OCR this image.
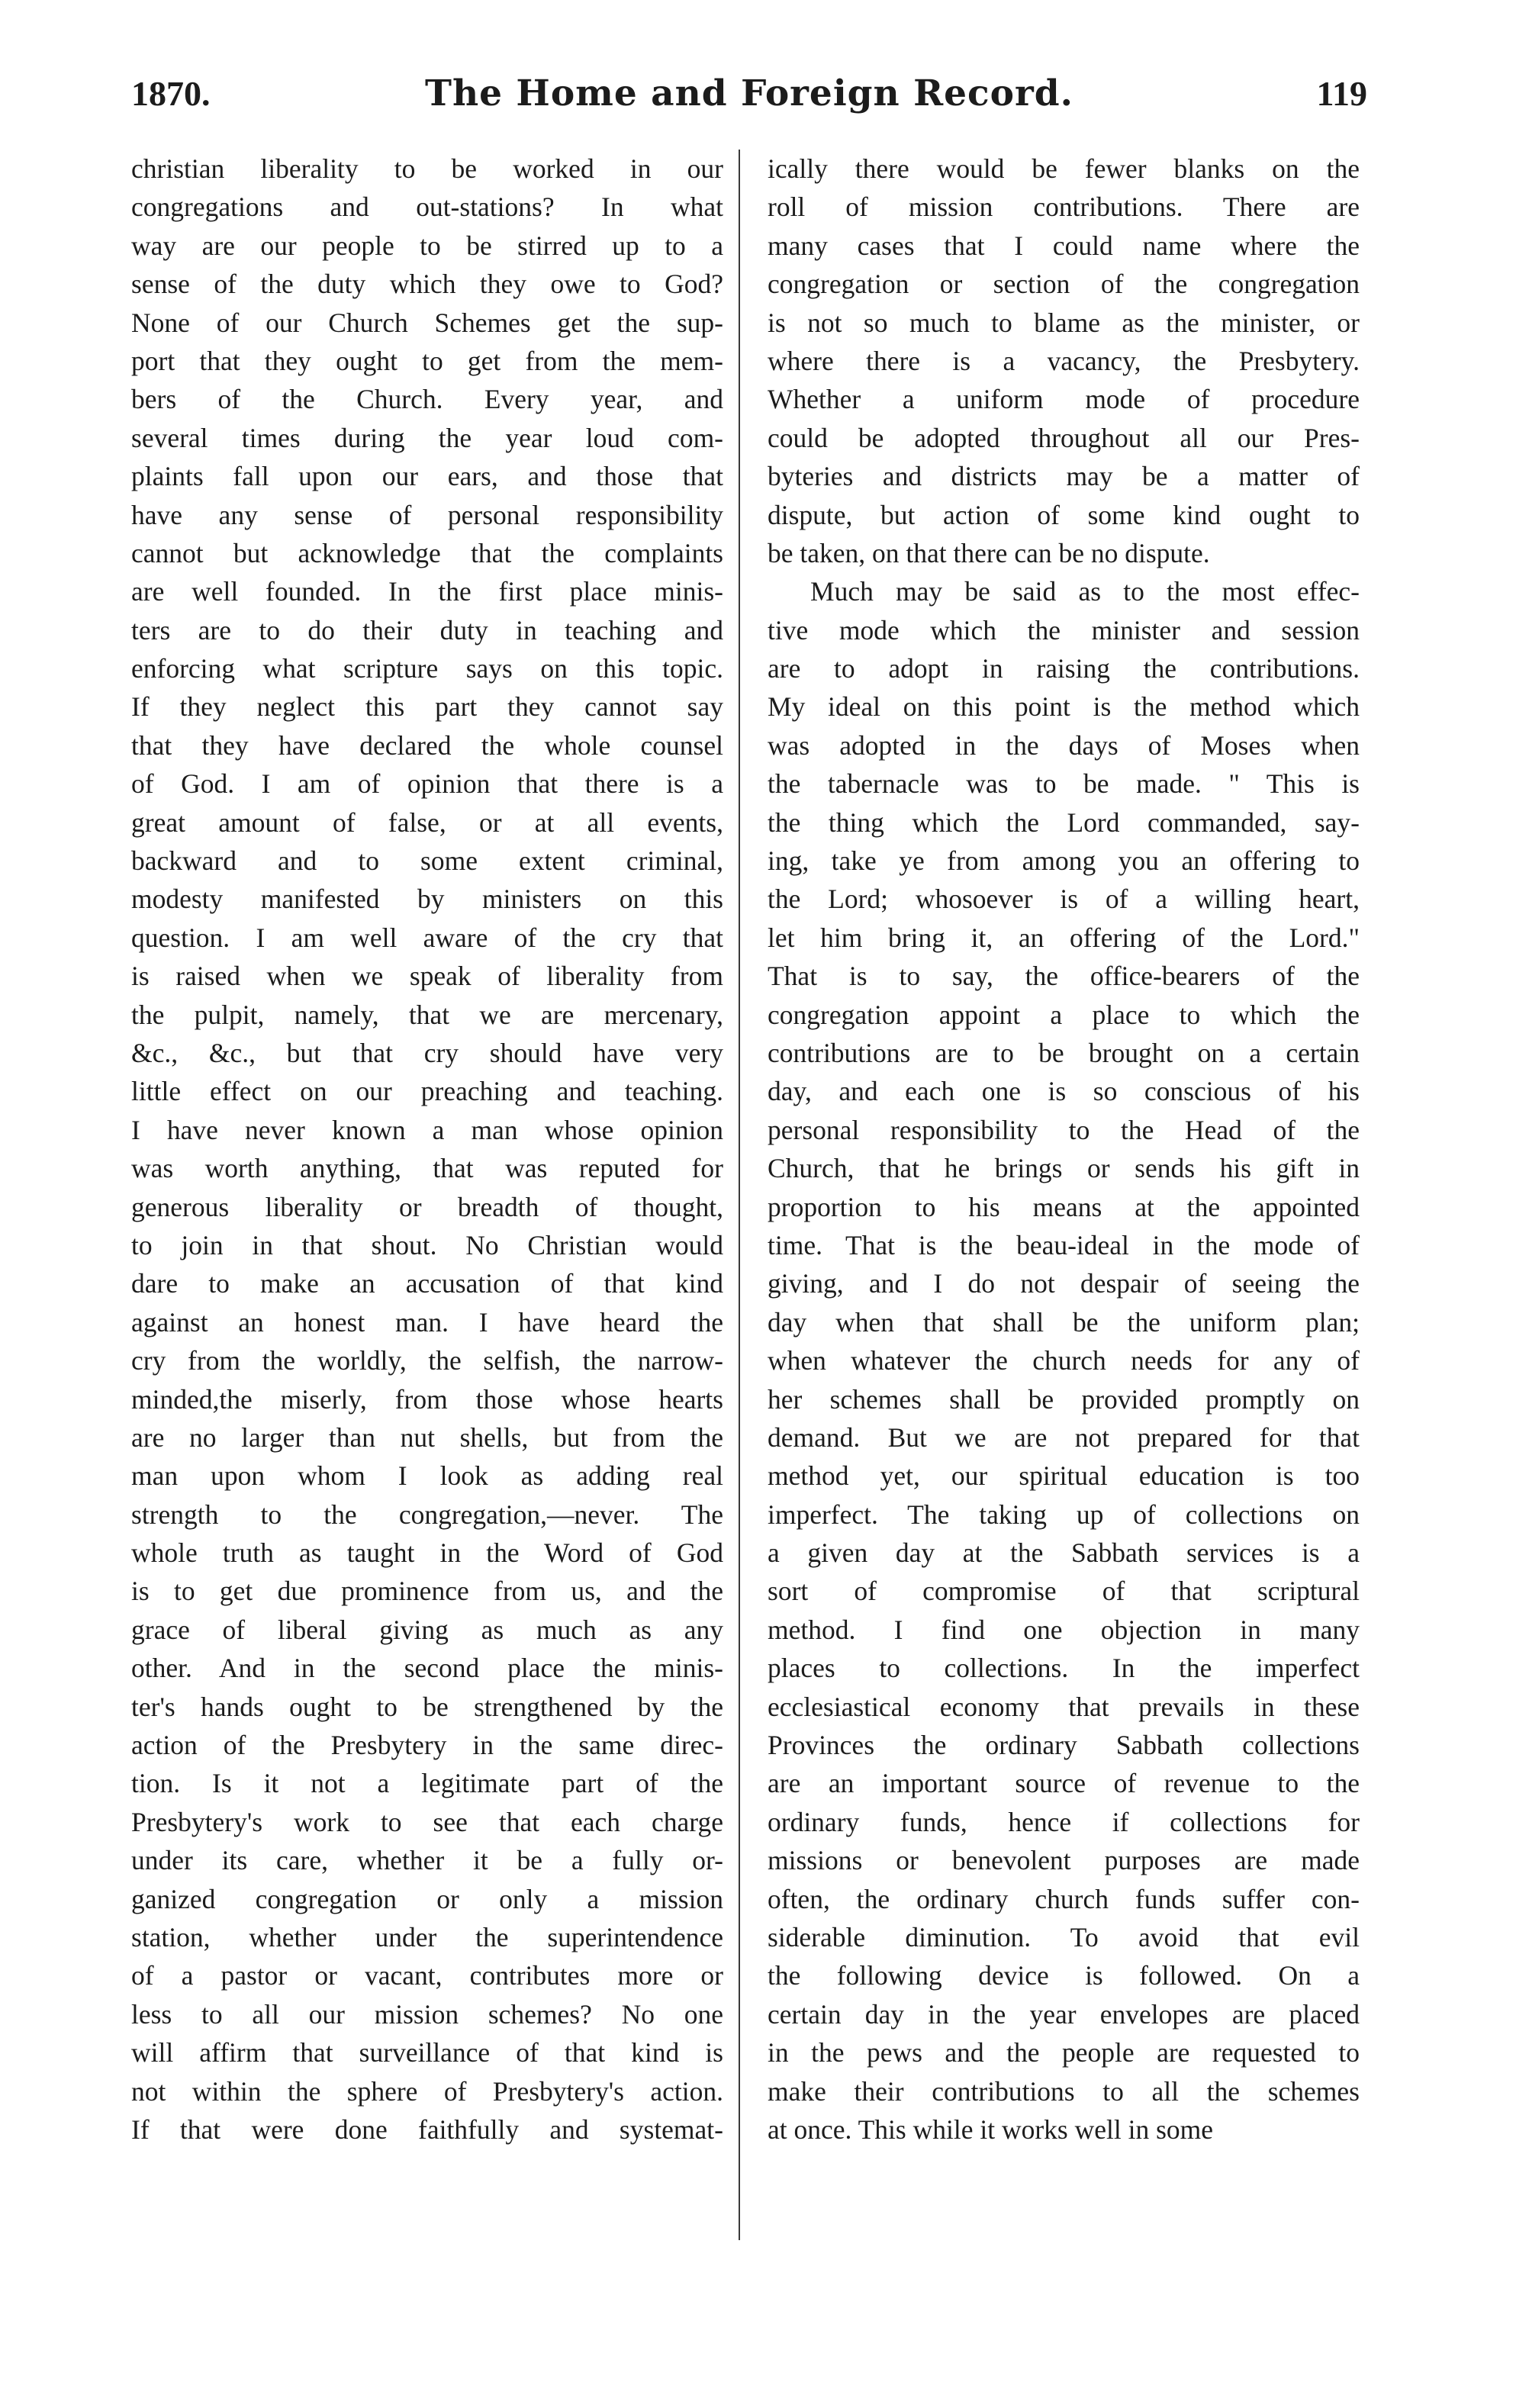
1870.	The Home and Foreign Record.	119
christian liberality to be worked in our
congregations and out-stations? In what
way are our people to be stirred up to a
sense of the duty which they owe to God?
None of our Church Schemes get the sup-
port that they ought to get from the mem-
bers of the Church. Every year, and
several times during the year loud com-
plaints fall upon our ears, and those that
have any sense of personal responsibility
cannot but acknowledge that the complaints
are well founded. In the first place minis-
ters are to do their duty in teaching and
enforcing what scripture says on this topic.
If they neglect this part they cannot say
that they have declared the whole counsel
of God. I am of opinion that there is a
great amount of false, or at all events,
backward and to some extent criminal,
modesty manifested by ministers on this
question. I am well aware of the cry that
is raised when we speak of liberality from
the pulpit, namely, that we are mercenary,
&c., &c., but that cry should have very
little effect on our preaching and teaching.
I have never known a man whose opinion
was worth anything, that was reputed for
generous liberality or breadth of thought,
to join in that shout. No Christian would
dare to make an accusation of that kind
against an honest man. I have heard the
cry from the worldly, the selfish, the narrow-
minded,the miserly, from those whose hearts
are no larger than nut shells, but from the
man upon whom I look as adding real
strength to the congregation,—never. The
whole truth as taught in the Word of God
is to get due prominence from us, and the
grace of liberal giving as much as any
other. And in the second place the minis-
ter's hands ought to be strengthened by the
action of the Presbytery in the same direc-
tion. Is it not a legitimate part of the
Presbytery's work to see that each charge
under its care, whether it be a fully or-
ganized congregation or only a mission
station, whether under the superintendence
of a pastor or vacant, contributes more or
less to all our mission schemes? No one
will affirm that surveillance of that kind is
not within the sphere of Presbytery's action.
If that were done faithfully and systemat-
ically there would be fewer blanks on the
roll of mission contributions. There are
many cases that I could name where the
congregation or section of the congregation
is not so much to blame as the minister, or
where there is a vacancy, the Presbytery.
Whether a uniform mode of procedure
could be adopted throughout all our Pres-
byteries and districts may be a matter of
dispute, but action of some kind ought to
be taken, on that there can be no dispute.
Much may be said as to the most effec-
tive mode which the minister and session
are to adopt in raising the contributions.
My ideal on this point is the method which
was adopted in the days of Moses when
the tabernacle was to be made. " This is
the thing which the Lord commanded, say-
ing, take ye from among you an offering to
the Lord; whosoever is of a willing heart,
let him bring it, an offering of the Lord."
That is to say, the office-bearers of the
congregation appoint a place to which the
contributions are to be brought on a certain
day, and each one is so conscious of his
personal responsibility to the Head of the
Church, that he brings or sends his gift in
proportion to his means at the appointed
time. That is the beau-ideal in the mode of
giving, and I do not despair of seeing the
day when that shall be the uniform plan;
when whatever the church needs for any of
her schemes shall be provided promptly on
demand. But we are not prepared for that
method yet, our spiritual education is too
imperfect. The taking up of collections on
a given day at the Sabbath services is a
sort of compromise of that scriptural
method. I find one objection in many
places to collections. In the imperfect
ecclesiastical economy that prevails in these
Provinces the ordinary Sabbath collections
are an important source of revenue to the
ordinary funds, hence if collections for
missions or benevolent purposes are made
often, the ordinary church funds suffer con-
siderable diminution. To avoid that evil
the following device is followed. On a
certain day in the year envelopes are placed
in the pews and the people are requested to
make their contributions to all the schemes
at once. This while it works well in some
